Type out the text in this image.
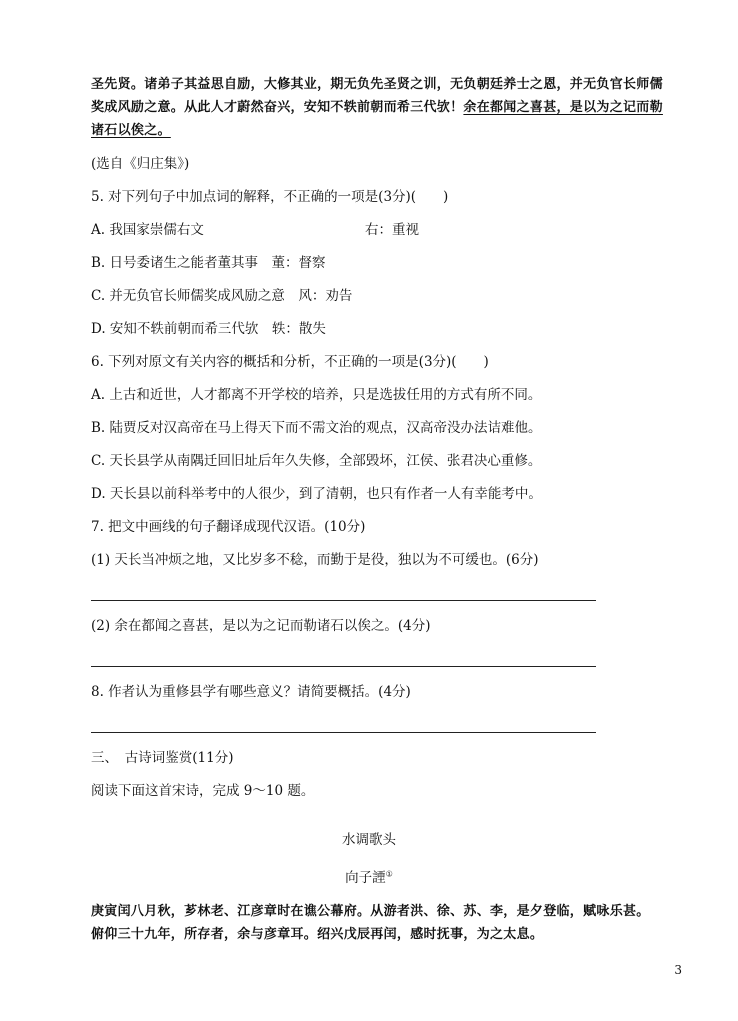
圣先贤。诸弟子其益思自励，大修其业，期无负先圣贤之训，无负朝廷养士之恩，并无负官长师儒
奖成风励之意。从此人才蔚然奋兴，安知不轶前朝而希三代欤！余在都闻之喜甚，是以为之记而勒
诸石以俟之。
(选自《归庄集》)
5. 对下列句子中加点词的解释，不正确的一项是(3分)(　　)
A. 我国家崇儒右文	右：重视
B. 日号委诸生之能者董其事　董：督察
C. 并无负官长师儒奖成风励之意　风：劝告
D. 安知不轶前朝而希三代欤　轶：散失
6. 下列对原文有关内容的概括和分析，不正确的一项是(3分)(　　)
A. 上古和近世，人才都离不开学校的培养，只是选拔任用的方式有所不同。
B. 陆贾反对汉高帝在马上得天下而不需文治的观点，汉高帝没办法诘难他。
C. 天长县学从南隅迁回旧址后年久失修，全部毁坏，江侯、张君决心重修。
D. 天长县以前科举考中的人很少，到了清朝，也只有作者一人有幸能考中。
7. 把文中画线的句子翻译成现代汉语。(10分)
(1) 天长当冲烦之地，又比岁多不稔，而勤于是役，独以为不可缓也。(6分)
(2) 余在都闻之喜甚，是以为之记而勒诸石以俟之。(4分)
8. 作者认为重修县学有哪些意义？请简要概括。(4分)
三、　古诗词鉴赏(11分)
阅读下面这首宋诗，完成 9～10 题。
水调歌头
向子諲①
庚寅闰八月秋，芗林老、江彦章时在谯公幕府。从游者洪、徐、苏、李，是夕登临，赋咏乐甚。
俯仰三十九年，所存者，余与彦章耳。绍兴戊辰再闰，感时抚事，为之太息。
3
